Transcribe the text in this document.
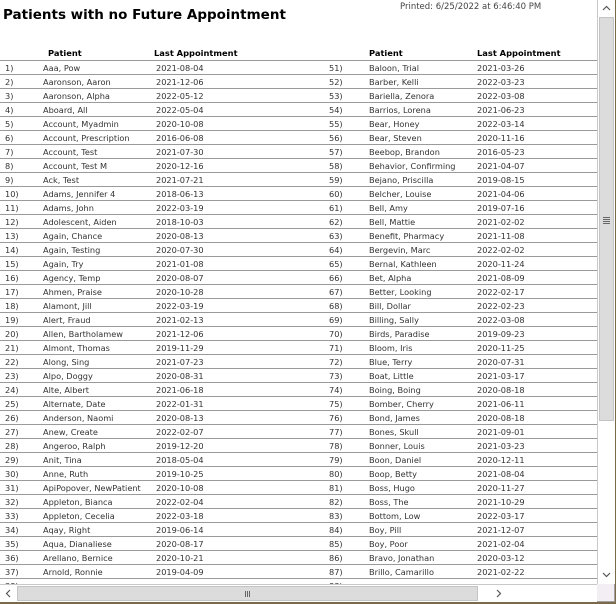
Patients with no Future Appointment	Printed: 6/25/2022 at 6:46:40 PM
	Patient	Last Appointment		Patient	Last Appointment
1)	Aaa, Pow	2021-08-04	51)	Baloon, Trial	2021-03-26
2)	Aaronson, Aaron	2021-12-06	52)	Barber, Kelli	2022-03-23
3)	Aaronson, Alpha	2022-05-12	53)	Bariella, Zenora	2022-03-08
4)	Aboard, All	2022-05-04	54)	Barrios, Lorena	2021-06-23
5)	Account, Myadmin	2020-10-08	55)	Bear, Honey	2022-03-14
6)	Account, Prescription	2016-06-08	56)	Bear, Steven	2020-11-16
7)	Account, Test	2021-07-30	57)	Beebop, Brandon	2016-05-23
8)	Account, Test M	2020-12-16	58)	Behavior, Confirming	2021-04-07
9)	Ack, Test	2021-07-21	59)	Bejano, Priscilla	2019-08-15
10)	Adams, Jennifer 4	2018-06-13	60)	Belcher, Louise	2021-04-06
11)	Adams, John	2022-03-19	61)	Bell, Amy	2019-07-16
12)	Adolescent, Aiden	2018-10-03	62)	Bell, Mattie	2021-02-02
13)	Again, Chance	2020-08-13	63)	Benefit, Pharmacy	2021-11-08
14)	Again, Testing	2020-07-30	64)	Bergevin, Marc	2022-02-02
15)	Again, Try	2021-01-08	65)	Bernal, Kathleen	2020-11-24
16)	Agency, Temp	2020-08-07	66)	Bet, Alpha	2021-08-09
17)	Ahmen, Praise	2020-10-28	67)	Better, Looking	2022-02-17
18)	Alamont, Jill	2022-03-19	68)	Bill, Dollar	2022-02-23
19)	Alert, Fraud	2021-02-13	69)	Billing, Sally	2022-03-08
20)	Allen, Bartholamew	2021-12-06	70)	Birds, Paradise	2019-09-23
21)	Almont, Thomas	2019-11-29	71)	Bloom, Iris	2020-11-25
22)	Along, Sing	2021-07-23	72)	Blue, Terry	2020-07-31
23)	Alpo, Doggy	2020-08-31	73)	Boat, Little	2021-03-17
24)	Alte, Albert	2021-06-18	74)	Boing, Boing	2020-08-18
25)	Alternate, Date	2022-01-31	75)	Bomber, Cherry	2021-06-11
26)	Anderson, Naomi	2020-08-13	76)	Bond, James	2020-08-18
27)	Anew, Create	2022-02-07	77)	Bones, Skull	2021-09-01
28)	Angeroo, Ralph	2019-12-20	78)	Bonner, Louis	2021-03-23
29)	Anit, Tina	2018-05-04	79)	Boon, Daniel	2020-12-11
30)	Anne, Ruth	2019-10-25	80)	Boop, Betty	2021-08-04
31)	ApiPopover, NewPatient	2020-10-08	81)	Boss, Hugo	2020-11-27
32)	Appleton, Bianca	2022-02-04	82)	Boss, The	2021-10-29
33)	Appleton, Cecelia	2022-03-18	83)	Bottom, Low	2022-03-17
34)	Aqay, Right	2019-06-14	84)	Boy, Pill	2021-12-07
35)	Aqua, Dianaliese	2020-08-17	85)	Boy, Poor	2021-02-04
36)	Arellano, Bernice	2020-10-21	86)	Bravo, Jonathan	2020-03-12
37)	Arnold, Ronnie	2019-04-09	87)	Brillo, Camarillo	2021-02-22
